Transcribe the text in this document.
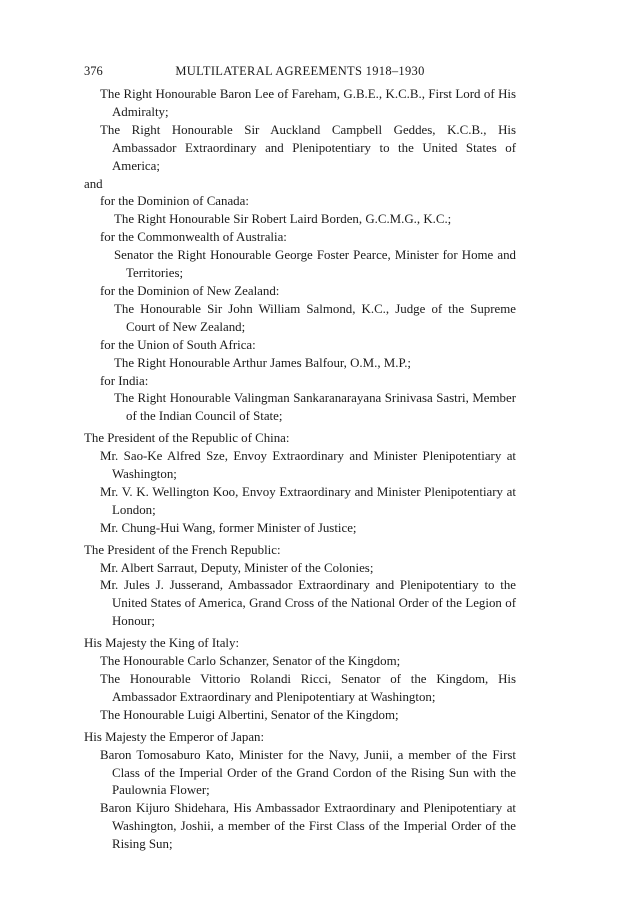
376	MULTILATERAL AGREEMENTS 1918–1930

The Right Honourable Baron Lee of Fareham, G.B.E., K.C.B., First Lord of His Admiralty;

The Right Honourable Sir Auckland Campbell Geddes, K.C.B., His Ambassador Extraordinary and Plenipotentiary to the United States of America;

and

for the Dominion of Canada:

The Right Honourable Sir Robert Laird Borden, G.C.M.G., K.C.;

for the Commonwealth of Australia:

Senator the Right Honourable George Foster Pearce, Minister for Home and Territories;

for the Dominion of New Zealand:

The Honourable Sir John William Salmond, K.C., Judge of the Supreme Court of New Zealand;

for the Union of South Africa:

The Right Honourable Arthur James Balfour, O.M., M.P.;

for India:

The Right Honourable Valingman Sankaranarayana Srinivasa Sastri, Member of the Indian Council of State;

The President of the Republic of China:

Mr. Sao-Ke Alfred Sze, Envoy Extraordinary and Minister Plenipotentiary at Washington;

Mr. V. K. Wellington Koo, Envoy Extraordinary and Minister Plenipotentiary at London;

Mr. Chung-Hui Wang, former Minister of Justice;

The President of the French Republic:

Mr. Albert Sarraut, Deputy, Minister of the Colonies;

Mr. Jules J. Jusserand, Ambassador Extraordinary and Plenipotentiary to the United States of America, Grand Cross of the National Order of the Legion of Honour;

His Majesty the King of Italy:

The Honourable Carlo Schanzer, Senator of the Kingdom;

The Honourable Vittorio Rolandi Ricci, Senator of the Kingdom, His Ambassador Extraordinary and Plenipotentiary at Washington;

The Honourable Luigi Albertini, Senator of the Kingdom;

His Majesty the Emperor of Japan:

Baron Tomosaburo Kato, Minister for the Navy, Junii, a member of the First Class of the Imperial Order of the Grand Cordon of the Rising Sun with the Paulownia Flower;

Baron Kijuro Shidehara, His Ambassador Extraordinary and Plenipotentiary at Washington, Joshii, a member of the First Class of the Imperial Order of the Rising Sun;
